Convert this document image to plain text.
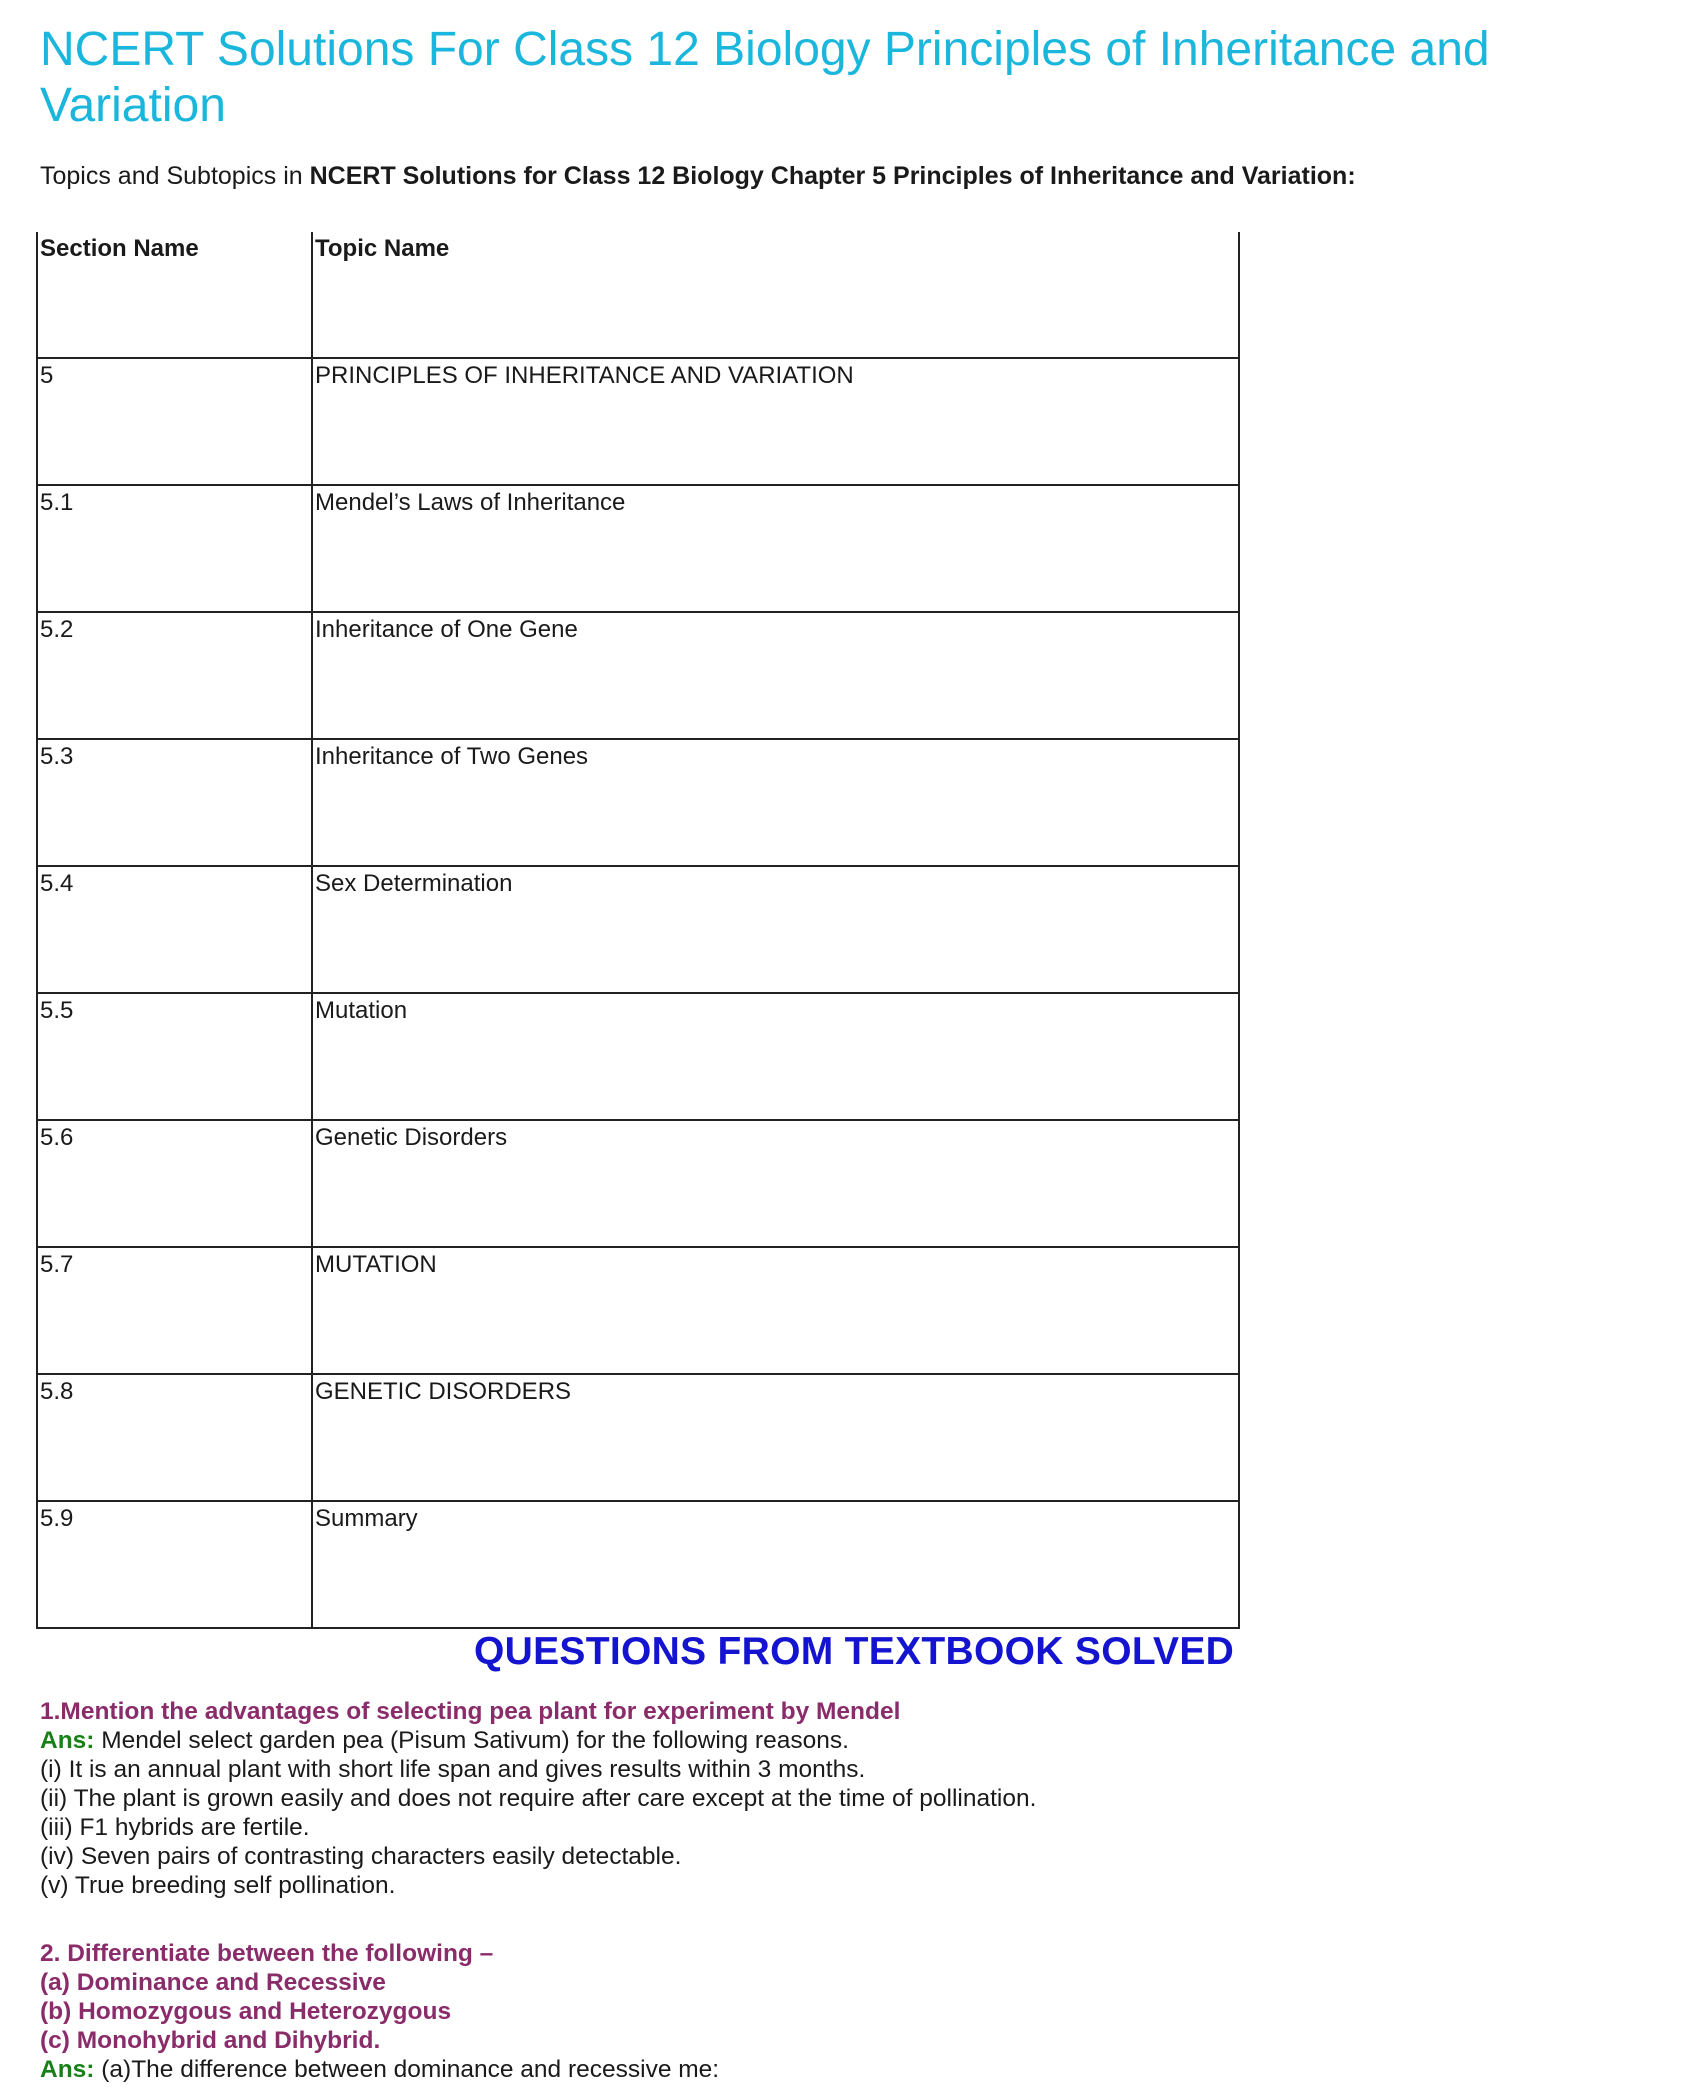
NCERT Solutions For Class 12 Biology Principles of Inheritance and Variation

Topics and Subtopics in NCERT Solutions for Class 12 Biology Chapter 5 Principles of Inheritance and Variation:

Section Name	Topic Name
5	PRINCIPLES OF INHERITANCE AND VARIATION
5.1	Mendel’s Laws of Inheritance
5.2	Inheritance of One Gene
5.3	Inheritance of Two Genes
5.4	Sex Determination
5.5	Mutation
5.6	Genetic Disorders
5.7	MUTATION
5.8	GENETIC DISORDERS
5.9	Summary
QUESTIONS FROM TEXTBOOK SOLVED
1.Mention the advantages of selecting pea plant for experiment by Mendel
Ans: Mendel select garden pea (Pisum Sativum) for the following reasons.
(i) It is an annual plant with short life span and gives results within 3 months.
(ii) The plant is grown easily and does not require after care except at the time of pollination.
(iii) F1 hybrids are fertile.
(iv) Seven pairs of contrasting characters easily detectable.
(v) True breeding self pollination.
2. Differentiate between the following –
(a) Dominance and Recessive
(b) Homozygous and Heterozygous
(c) Monohybrid and Dihybrid.
Ans: (a)The difference between dominance and recessive me:
